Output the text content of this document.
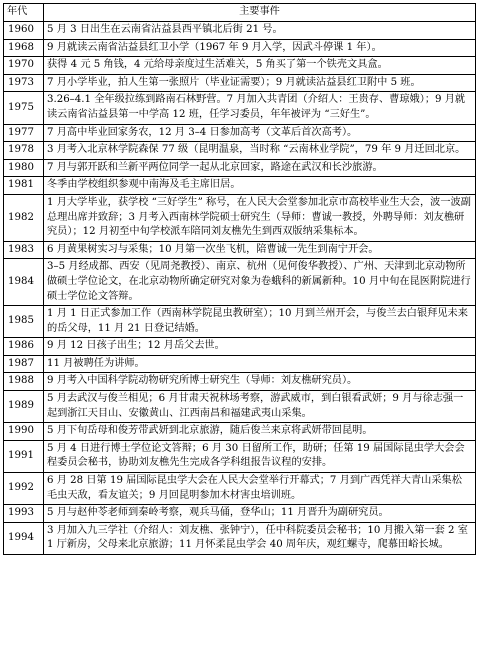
年代	主要事件
1960	5 月 3 日出生在云南省沾益县西平镇北后街 21 号。
1968	9 月就读云南省沾益县红卫小学（1967 年 9 月入学，因武斗停课 1 年）。
1970	获得 4 元 5 角钱，4 元给母亲度过生活难关，5 角买了第一个铁壳文具盒。
1973	7 月小学毕业，拍人生第一张照片（毕业证需要）；9 月就读沾益县红卫附中 5 班。
1975	3.26–4.1 全年级拉练到路南石林野营。7 月加入共青团（介绍人：王贵存、曹琼娥）；9 月就读云南省沾益县第一中学高 12 班，任学习委员，年年被评为 “三好生”。
1977	7 月高中毕业回家务农，12 月 3–4 日参加高考（文革后首次高考）。
1978	3 月考入北京林学院森保 77 级（昆明温泉，当时称 “云南林业学院”，79 年 9 月迁回北京。
1980	7 月与郭开跃和兰新平两位同学一起从北京回家，路途在武汉和长沙旅游。
1981	冬季由学校组织参观中南海及毛主席旧居。
1982	1 月大学毕业，获学校 “三好学生” 称号，在人民大会堂参加北京市高校毕业生大会，波一波副总理出席并致辞；3 月考入西南林学院硕士研究生（导师：曹诚一教授，外聘导师：刘友樵研究员）；12 月初至中旬学校派车陪同刘友樵先生到西双版纳采集标本。
1983	6 月黄果树实习与采集；10 月第一次坐飞机，陪曹诚一先生到南宁开会。
1984	3–5 月经成都、西安（见周尧教授）、南京、杭州（见何俊华教授）、广州、天津到北京动物所做硕士学位论文，在北京动物所确定研究对象为卷蛾科的新属新种。10 月中旬在昆医附院进行硕士学位论文答辩。
1985	1 月 1 日正式参加工作（西南林学院昆虫教研室）；10 月到兰州开会，与俊兰去白银拜见未来的岳父母，11 月 21 日登记结婚。
1986	9 月 12 日孩子出生；12 月岳父去世。
1987	11 月被聘任为讲师。
1988	9 月考入中国科学院动物研究所博士研究生（导师：刘友樵研究员）。
1989	5 月去武汉与俊兰相见；6 月甘肃天祝林场考察，游武威市，到白银看武妍；9 月与徐志强一起到浙江天目山、安徽黄山、江西南昌和福建武夷山采集。
1990	5 月下旬岳母和俊芳带武妍到北京旅游，随后俊兰来京将武妍带回昆明。
1991	5 月 4 日进行博士学位论文答辩；6 月 30 日留所工作，助研；任第 19 届国际昆虫学大会会程委员会秘书，协助刘友樵先生完成各学科组报告议程的安排。
1992	6 月 28 日第 19 届国际昆虫学大会在人民大会堂举行开幕式；7 月到广西凭祥大青山采集松毛虫天敌，看友谊关；9 月回昆明参加木材害虫培训班。
1993	5 月与赵仲苓老师到秦岭考察，观兵马俑，登华山；11 月晋升为副研究员。
1994	3 月加入九三学社（介绍人：刘友樵、张钟宁），任中科院委员会秘书；10 月搬入第一套 2 室 1 厅新房，父母来北京旅游；11 月怀柔昆虫学会 40 周年庆，观红螺寺，爬慕田峪长城。
